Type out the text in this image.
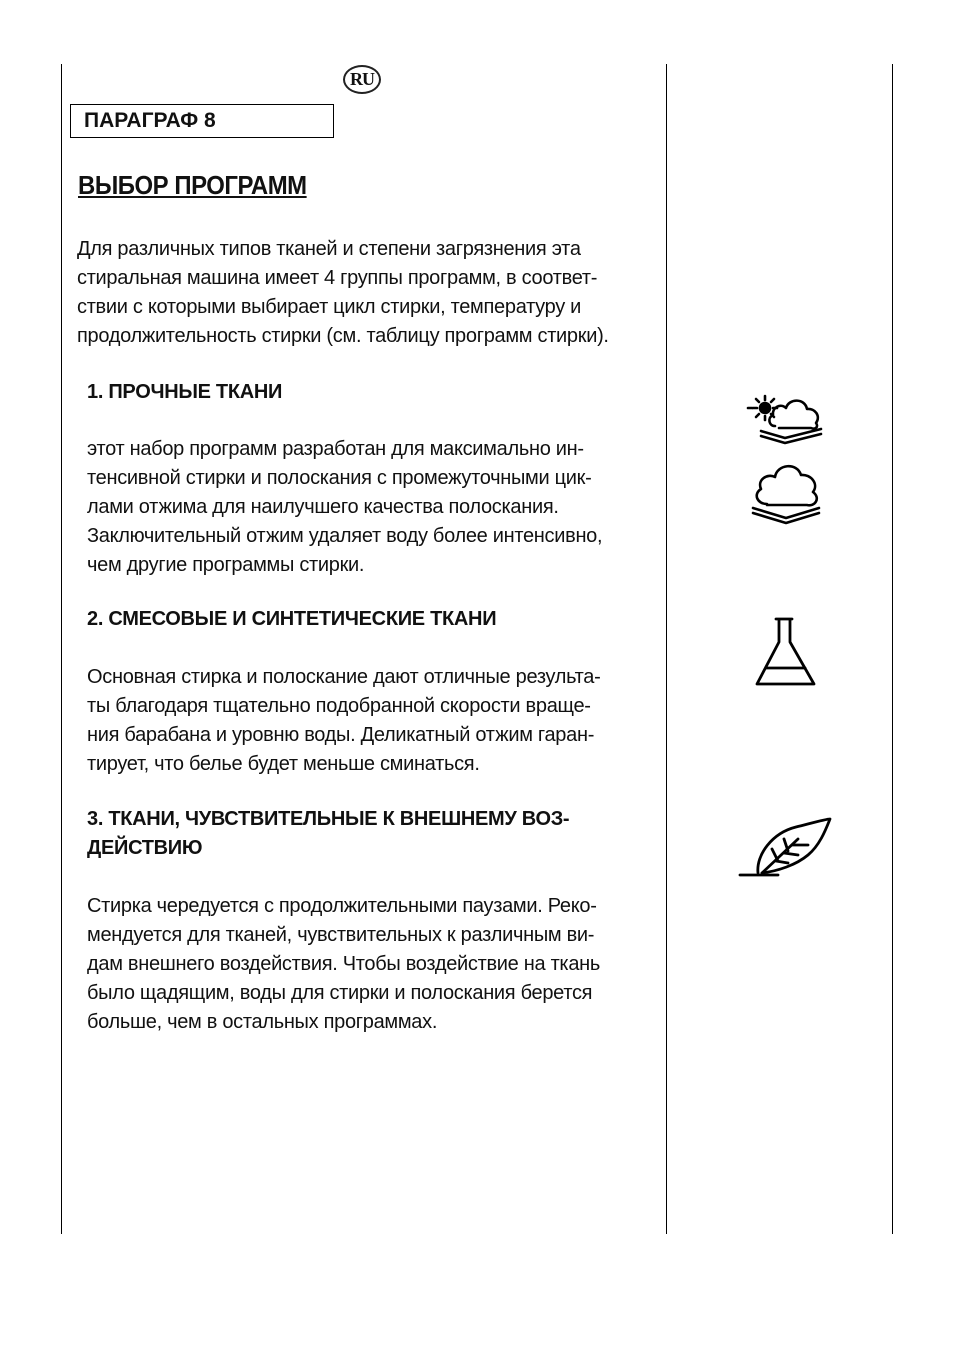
RU
ПАРАГРАФ 8
ВЫБОР ПРОГРАММ

Для различных типов тканей и степени загрязнения эта
стиральная машина имеет 4 группы программ, в соответ-
ствии с которыми выбирает цикл стирки, температуру и
продолжительность стирки (см. таблицу программ стирки).

1. ПРОЧНЫЕ ТКАНИ

этот набор программ разработан для максимально ин-
тенсивной стирки и полоскания с промежуточными цик-
лами отжима для наилучшего качества полоскания.
Заключительный отжим удаляет воду более интенсивно,
чем другие программы стирки.

2. СМЕСОВЫЕ И СИНТЕТИЧЕСКИЕ ТКАНИ

Основная стирка и полоскание дают отличные результа-
ты благодаря тщательно подобранной скорости враще-
ния барабана и уровню воды. Деликатный отжим гаран-
тирует, что белье будет меньше сминаться.

3. ТКАНИ, ЧУВСТВИТЕЛЬНЫЕ К ВНЕШНЕМУ ВОЗ-
ДЕЙСТВИЮ

Стирка чередуется с продолжительными паузами. Реко-
мендуется для тканей, чувствительных к различным ви-
дам внешнего воздействия. Чтобы воздействие на ткань
было щадящим, воды для стирки и полоскания берется
больше, чем в остальных программах.
